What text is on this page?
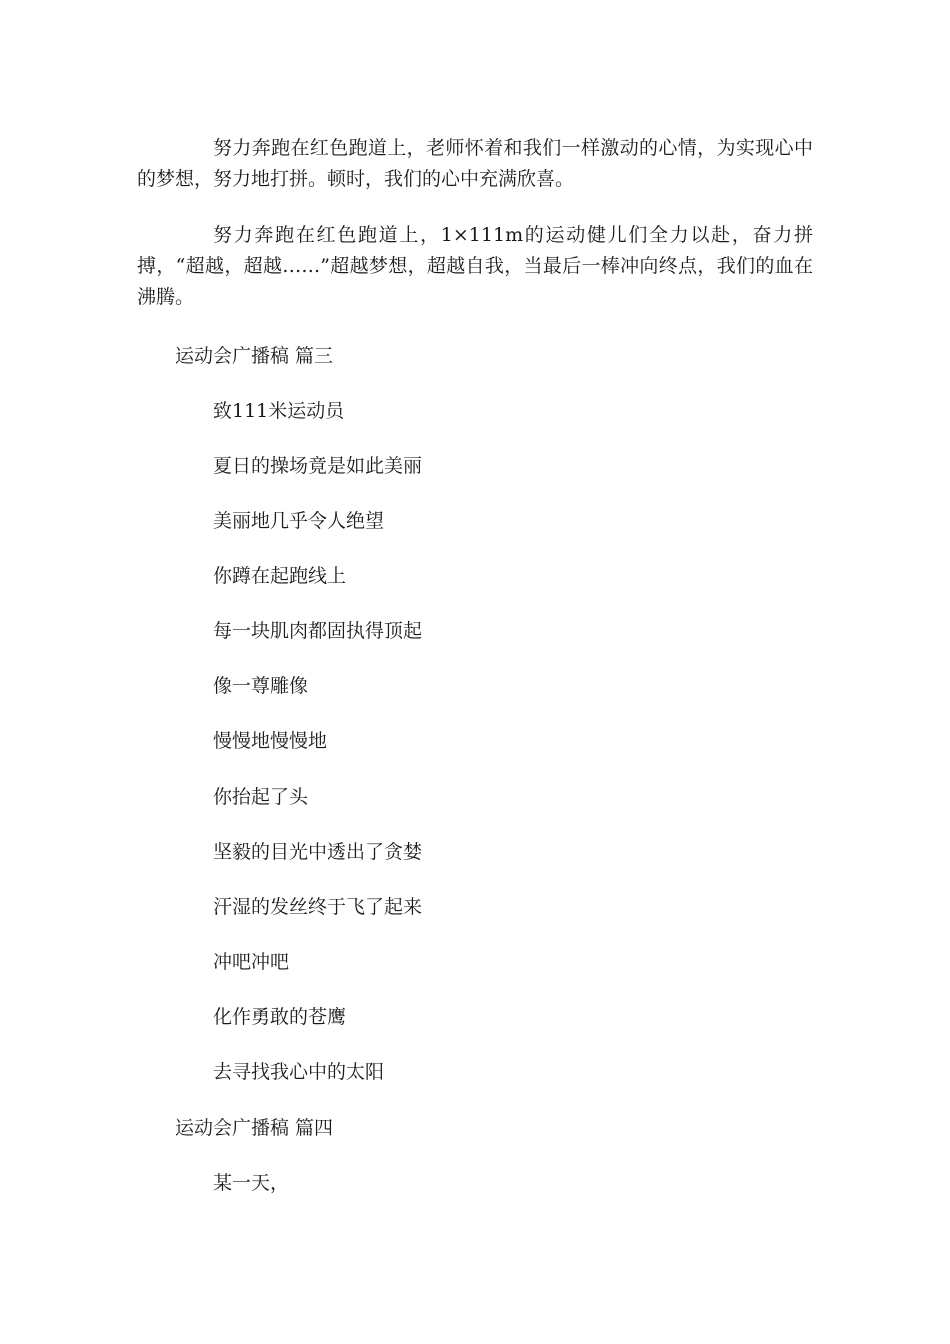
努力奔跑在红色跑道上，老师怀着和我们一样激动的心情，为实现心中的梦想，努力地打拼。顿时，我们的心中充满欣喜。

努力奔跑在红色跑道上，1×111m的运动健儿们全力以赴，奋力拼搏，“超越，超越……”超越梦想，超越自我，当最后一棒冲向终点，我们的血在沸腾。

运动会广播稿 篇三
致111米运动员
夏日的操场竟是如此美丽
美丽地几乎令人绝望
你蹲在起跑线上
每一块肌肉都固执得顶起
像一尊雕像
慢慢地慢慢地
你抬起了头
坚毅的目光中透出了贪婪
汗湿的发丝终于飞了起来
冲吧冲吧
化作勇敢的苍鹰
去寻找我心中的太阳
运动会广播稿 篇四
某一天，
